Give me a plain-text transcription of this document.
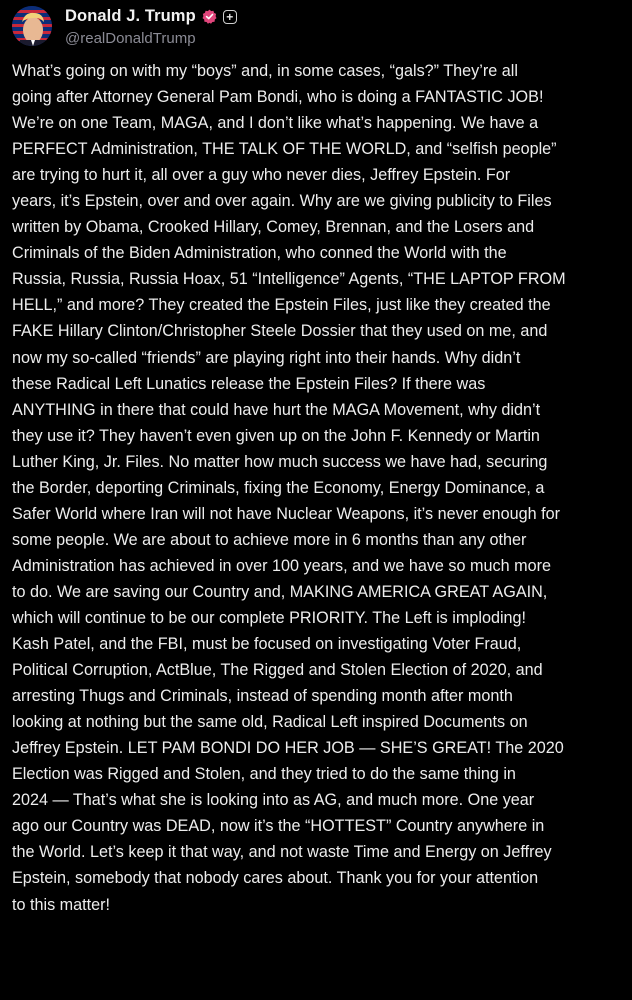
Donald J. Trump	+
@realDonaldTrump
What’s going on with my “boys” and, in some cases, “gals?” They’re all
going after Attorney General Pam Bondi, who is doing a FANTASTIC JOB!
We’re on one Team, MAGA, and I don’t like what’s happening. We have a
PERFECT Administration, THE TALK OF THE WORLD, and “selfish people”
are trying to hurt it, all over a guy who never dies, Jeffrey Epstein. For
years, it’s Epstein, over and over again. Why are we giving publicity to Files
written by Obama, Crooked Hillary, Comey, Brennan, and the Losers and
Criminals of the Biden Administration, who conned the World with the
Russia, Russia, Russia Hoax, 51 “Intelligence” Agents, “THE LAPTOP FROM
HELL,” and more? They created the Epstein Files, just like they created the
FAKE Hillary Clinton/Christopher Steele Dossier that they used on me, and
now my so-called “friends” are playing right into their hands. Why didn’t
these Radical Left Lunatics release the Epstein Files? If there was
ANYTHING in there that could have hurt the MAGA Movement, why didn’t
they use it? They haven’t even given up on the John F. Kennedy or Martin
Luther King, Jr. Files. No matter how much success we have had, securing
the Border, deporting Criminals, fixing the Economy, Energy Dominance, a
Safer World where Iran will not have Nuclear Weapons, it’s never enough for
some people. We are about to achieve more in 6 months than any other
Administration has achieved in over 100 years, and we have so much more
to do. We are saving our Country and, MAKING AMERICA GREAT AGAIN,
which will continue to be our complete PRIORITY. The Left is imploding!
Kash Patel, and the FBI, must be focused on investigating Voter Fraud,
Political Corruption, ActBlue, The Rigged and Stolen Election of 2020, and
arresting Thugs and Criminals, instead of spending month after month
looking at nothing but the same old, Radical Left inspired Documents on
Jeffrey Epstein. LET PAM BONDI DO HER JOB — SHE’S GREAT! The 2020
Election was Rigged and Stolen, and they tried to do the same thing in
2024 — That’s what she is looking into as AG, and much more. One year
ago our Country was DEAD, now it’s the “HOTTEST” Country anywhere in
the World. Let’s keep it that way, and not waste Time and Energy on Jeffrey
Epstein, somebody that nobody cares about. Thank you for your attention
to this matter!
